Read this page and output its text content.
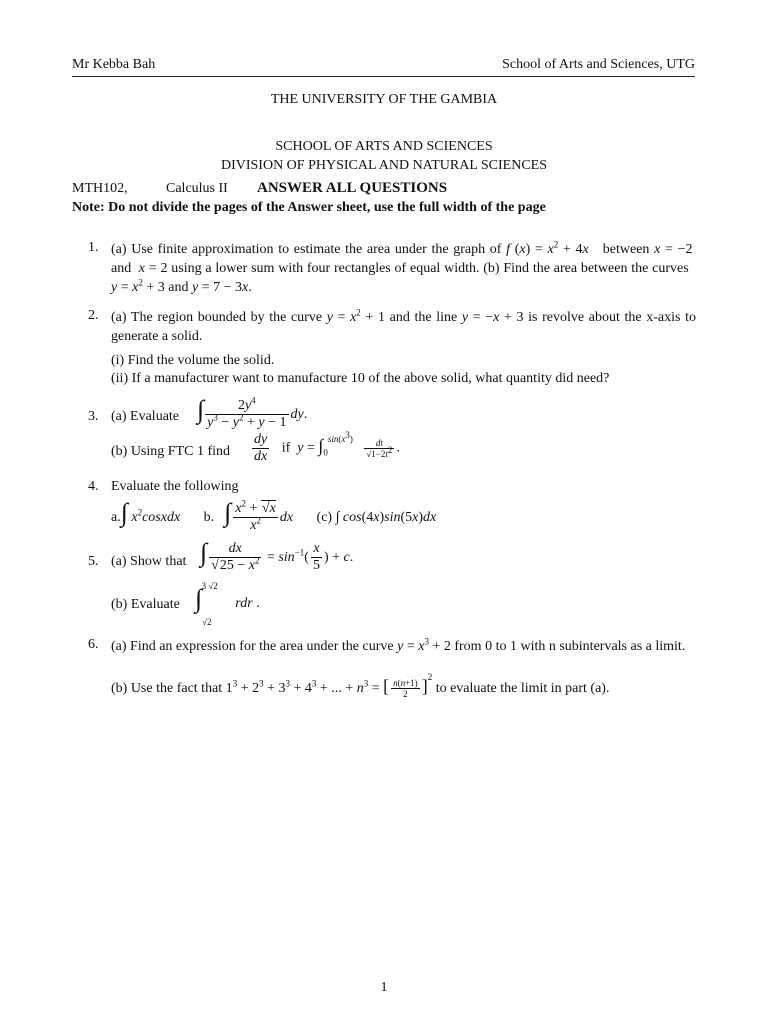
Mr Kebba Bah	School of Arts and Sciences, UTG
THE UNIVERSITY OF THE GAMBIA
SCHOOL OF ARTS AND SCIENCES
DIVISION OF PHYSICAL AND NATURAL SCIENCES
MTH102,	Calculus II ANSWER ALL QUESTIONS
Note: Do not divide the pages of the Answer sheet, use the full width of the page
1. (a) Use finite approximation to estimate the area under the graph of f $(x) = x^2 + 4x$   between x = −2  and  x = 2 using a lower sum with four rectangles of equal width. (b) Find the area between the curves   $y = x^2 + 3$ and y = 7 − 3x.
2. (a) The region bounded by the curve $y = x^2 + 1$ and the line y = −x + 3 is revolve about the x-axis to generate a solid.
(i) Find the volume the solid.
(ii) If a manufacturer want to manufacture 10 of the above solid, what quantity did need?
3. (a) Evaluate ∫ $\frac{2y^4}{y^3 - y^2 + y - 1}$ dy.
(b) Using FTC 1 find $\frac{dy}{dx}$ if  $y = \int_0^{sin(x^3)} \frac{dt}{√1-2t^2}$ .
4. Evaluate the following
a.∫ $x^2cosxdx$ b. ∫ $\frac{x^2 + √x}{x^2}$ dx (c) ∫ cos(4x)sin(5x)dx
5. (a) Show that ∫ $\frac{dx}{√25 - x^2} = \sin^{-1}( \frac{x}{5}$ ) + c.
(b) Evaluate $\int_{√2}^{3 √2}$     rdr .
6. (a) Find an expression for the area under the curve $y = x^3 + 2$ from 0 to 1 with n subintervals as a limit.
(b) Use the fact that $1^3 + 2^3 + 3^3 + 4^3$ + ... + $n^3$ = [ $\frac{n(n+1)}{2} ]^2$ to evaluate the limit in part (a).
1
